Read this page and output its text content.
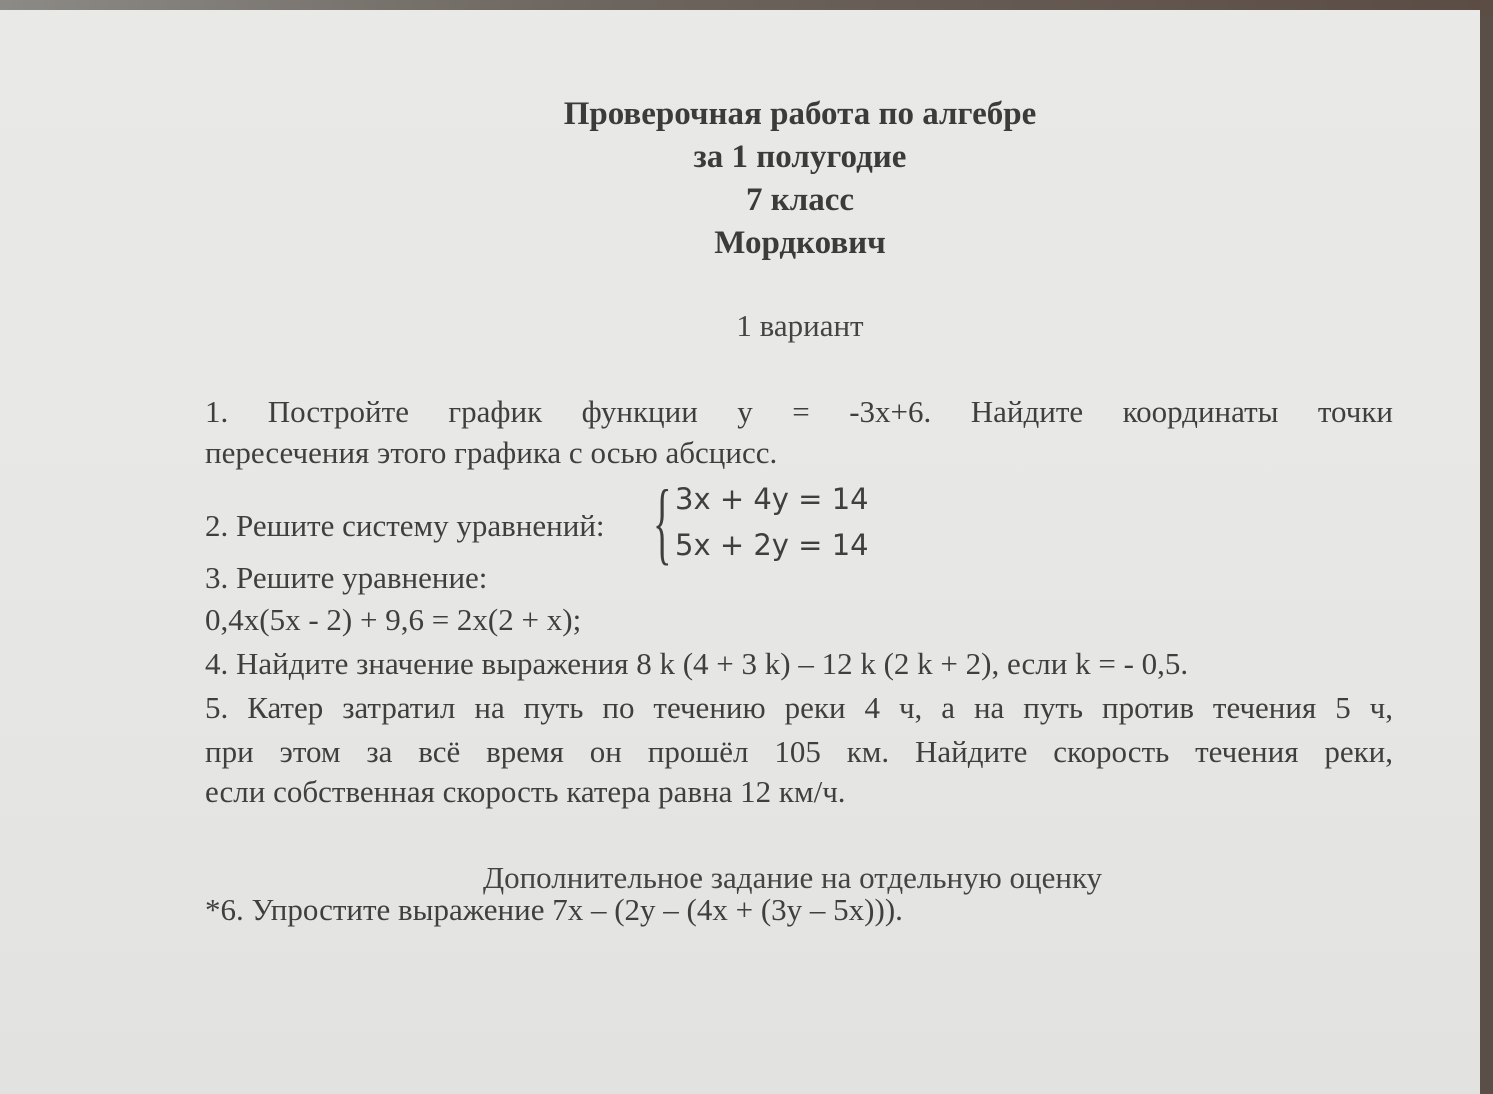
Проверочная работа по алгебре
за 1 полугодие
7 класс
Мордкович
1 вариант
1. Постройте график функции y = -3x+6. Найдите координаты точки
пересечения этого графика с осью абсцисс.
2. Решите систему уравнений: { 3x + 4y = 14
5x + 2y = 14
3. Решите уравнение:
0,4x(5x - 2) + 9,6 = 2x(2 + x);
4. Найдите значение выражения 8 k (4 + 3 k) – 12 k (2 k + 2), если k = - 0,5.
5. Катер затратил на путь по течению реки 4 ч, а на путь против течения 5 ч,
при этом за всё время он прошёл 105 км. Найдите скорость течения реки,
если собственная скорость катера равна 12 км/ч.
Дополнительное задание на отдельную оценку
*6. Упростите выражение 7x – (2y – (4x + (3y – 5x))).
